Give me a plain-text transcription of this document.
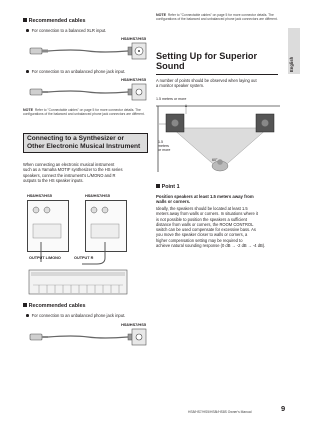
English
Recommended cables
For connection to a balanced XLR input.
HS8/HS7/HS5
For connection to an unbalanced phone jack input.
HS8/HS7/HS5
NOTE Refer to "Connectable cables" on page 5 for more connector details. The configurations of the balanced and unbalanced phone jack connectors are different.
Connecting to a Synthesizer or
Other Electronic Musical Instrument
When connecting an electronic musical instrument
such as a Yamaha MOTIF synthesizer to the HS series
speakers, connect the instrument's L/MONO and R
outputs to the HS speaker inputs.
HS8/HS7/HS5	HS8/HS7/HS5
OUTPUT L/MONO	OUTPUT R
Recommended cables
For connection to an unbalanced phone jack input.
HS8/HS7/HS5
NOTE Refer to "Connectable cables" on page 5 for more connector details. The configurations of the balanced and unbalanced phone jack connectors are different.
Setting Up for Superior
Sound
A number of points should be observed when laying out
a monitor speaker system.
1.5 meters or more
1.5
meters
or more
60°
Point 1
Position speakers at least 1.5 meters away from
walls or corners.
Ideally, the speakers should be located at least 1.5
meters away from walls or corners. In situations where it
is not possible to position the speakers a sufficient
distance from walls or corners, the ROOM CONTROL
switch can be used compensate for excessive bass. As
you move the speaker closer to walls or corners, a
higher compensation setting may be required to
achieve natural sounding response (0 dB → -2 dB → -4 dB).
HS8/HS7/HS5/HS8I/HS8S Owner's Manual	9
